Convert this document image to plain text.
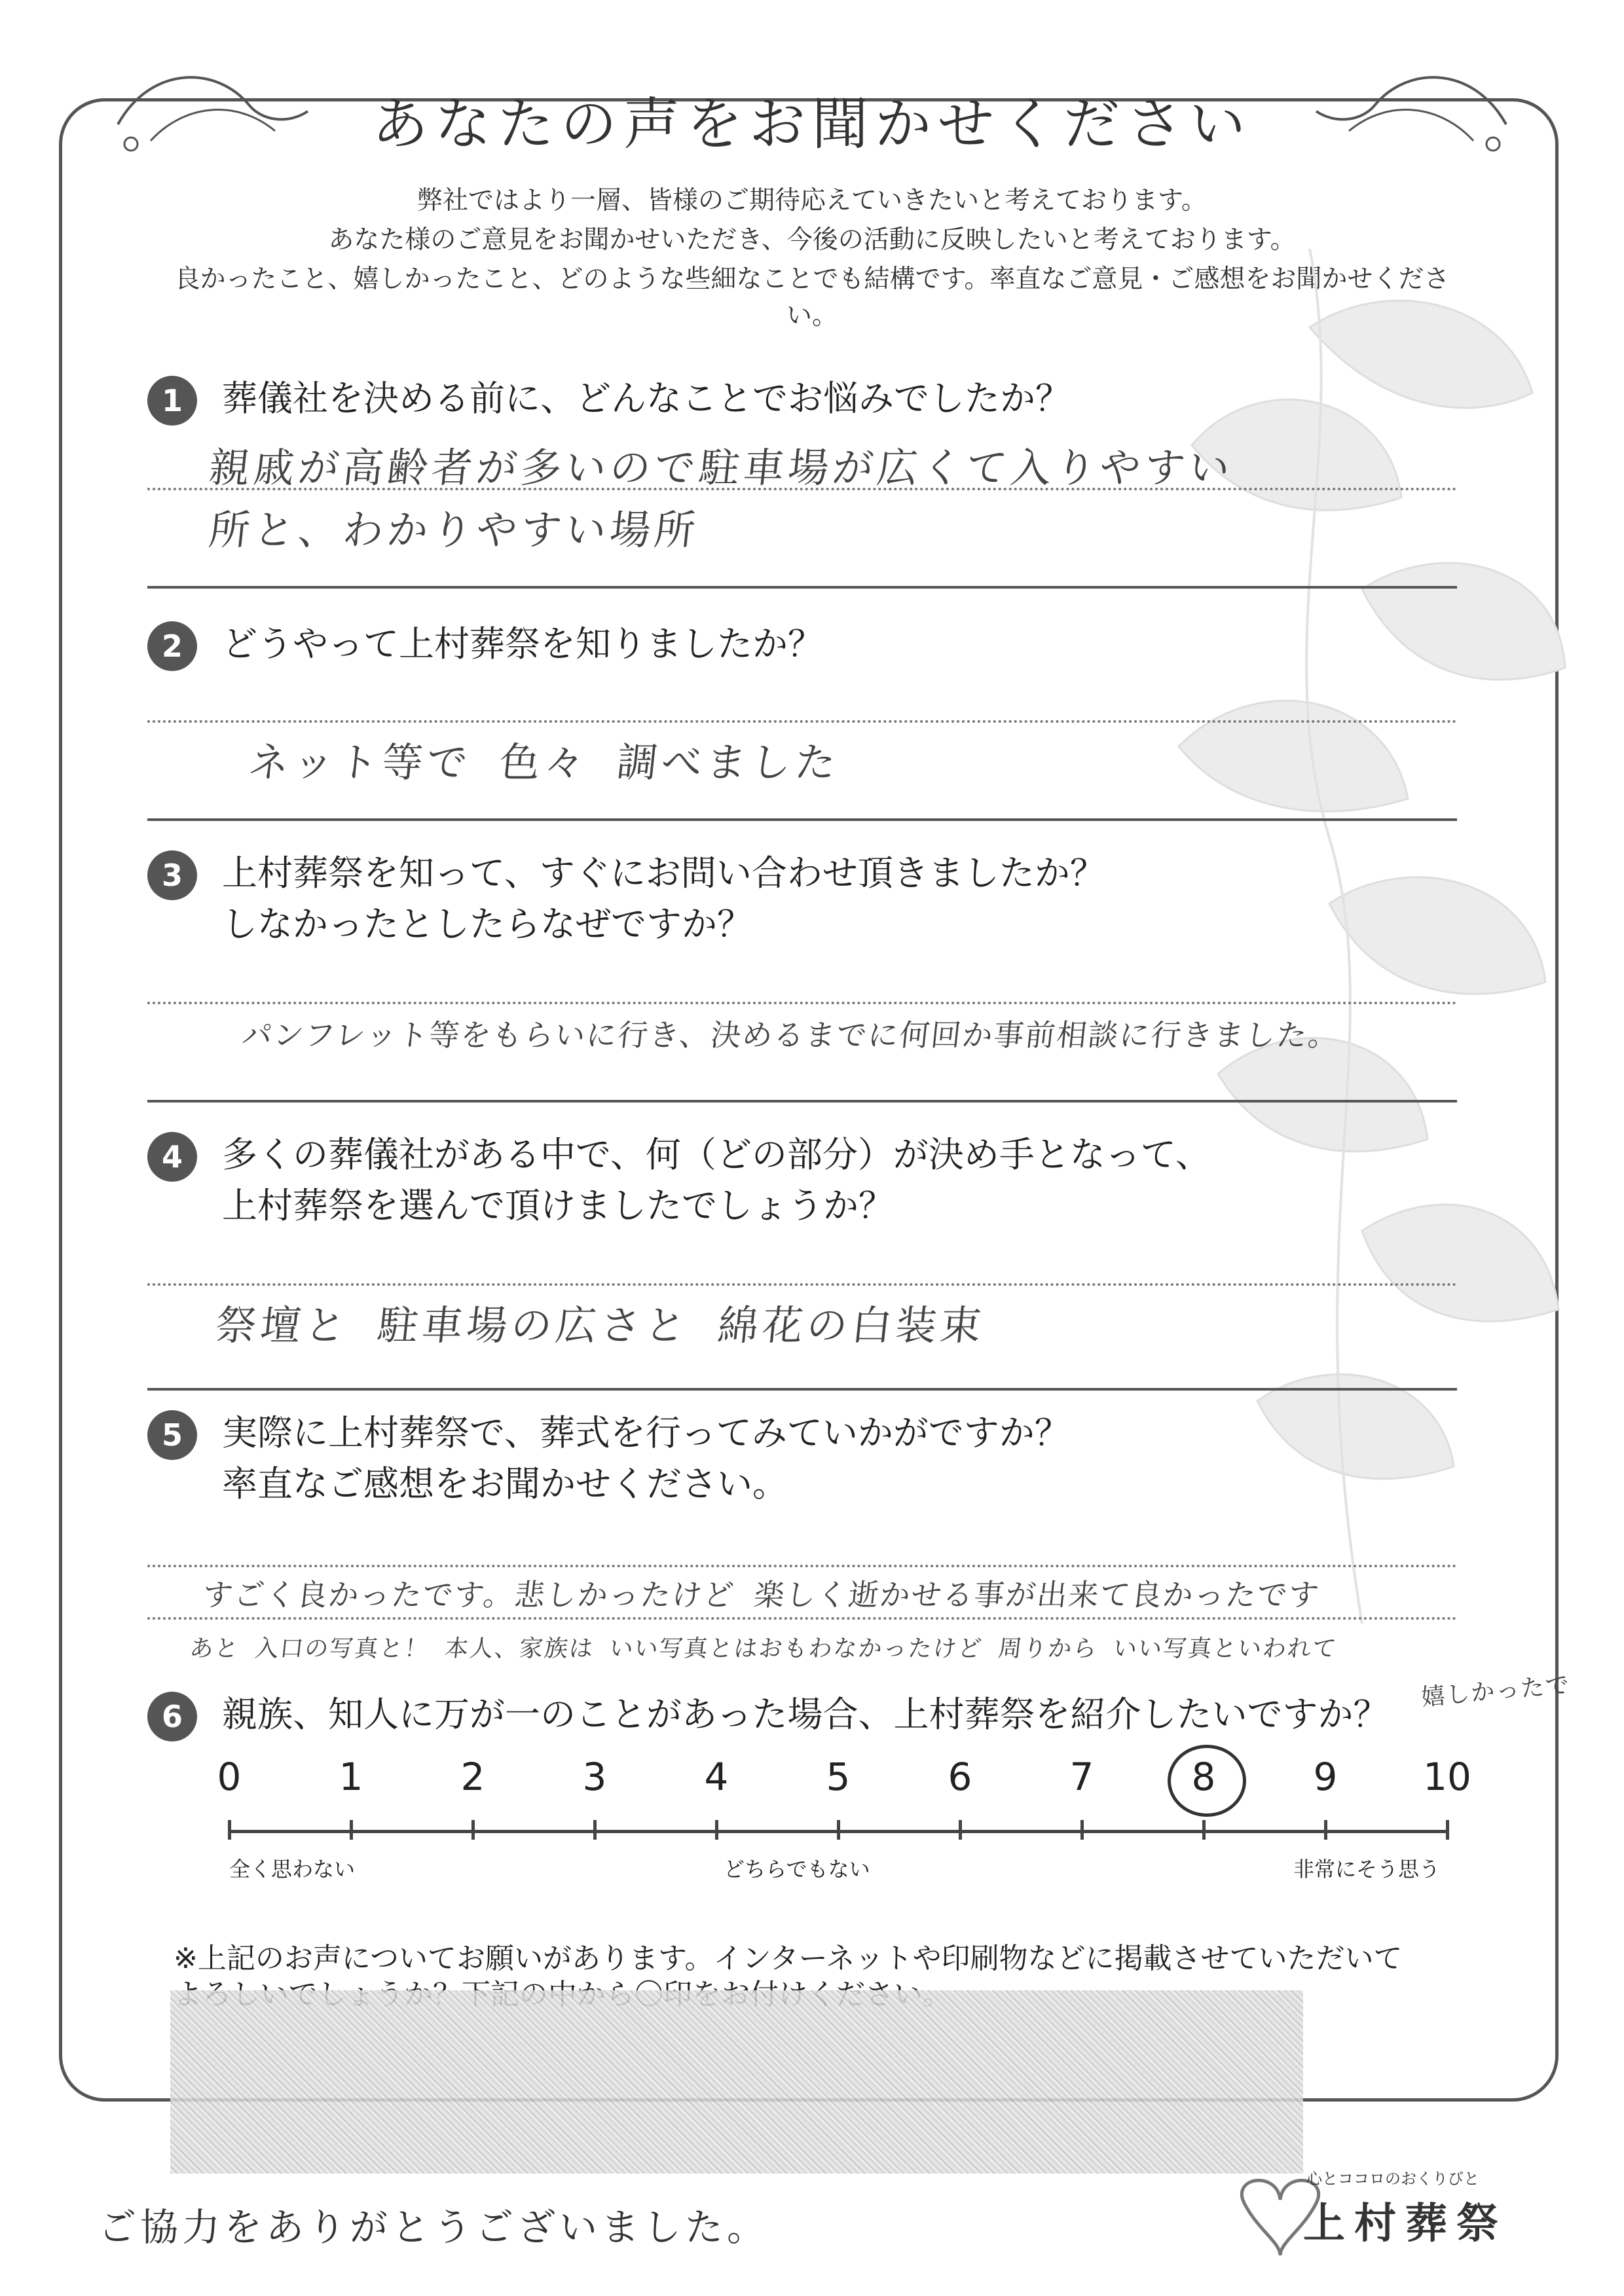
あなたの声をお聞かせください
弊社ではより一層、皆様のご期待応えていきたいと考えております。
あなた様のご意見をお聞かせいただき、今後の活動に反映したいと考えております。
良かったこと、嬉しかったこと、どのような些細なことでも結構です。率直なご意見・ご感想をお聞かせください。
1	葬儀社を決める前に、どんなことでお悩みでしたか？
親戚が高齢者が多いので駐車場が広くて入りやすい
所と、わかりやすい場所
2	どうやって上村葬祭を知りましたか？
ネット等で 色々 調べました
3	上村葬祭を知って、すぐにお問い合わせ頂きましたか？
しなかったとしたらなぜですか？
パンフレット等をもらいに行き、決めるまでに何回か事前相談に行きました。
4	多くの葬儀社がある中で、何（どの部分）が決め手となって、
上村葬祭を選んで頂けましたでしょうか？
祭壇と 駐車場の広さと 綿花の白装束
5	実際に上村葬祭で、葬式を行ってみていかがですか？
率直なご感想をお聞かせください。
すごく良かったです。悲しかったけど 楽しく逝かせる事が出来て良かったです
あと 入口の写真と！ 本人、家族は いい写真とはおもわなかったけど 周りから いい写真といわれて
嬉しかったで
6	親族、知人に万が一のことがあった場合、上村葬祭を紹介したいですか？
0	1	2	3	4	5	6	7	8	9	10
全く思わない	どちらでもない	非常にそう思う
※上記のお声についてお願いがあります。インターネットや印刷物などに掲載させていただいて
ご協力をありがとうございました。
心とココロのおくりびと
上村葬祭
